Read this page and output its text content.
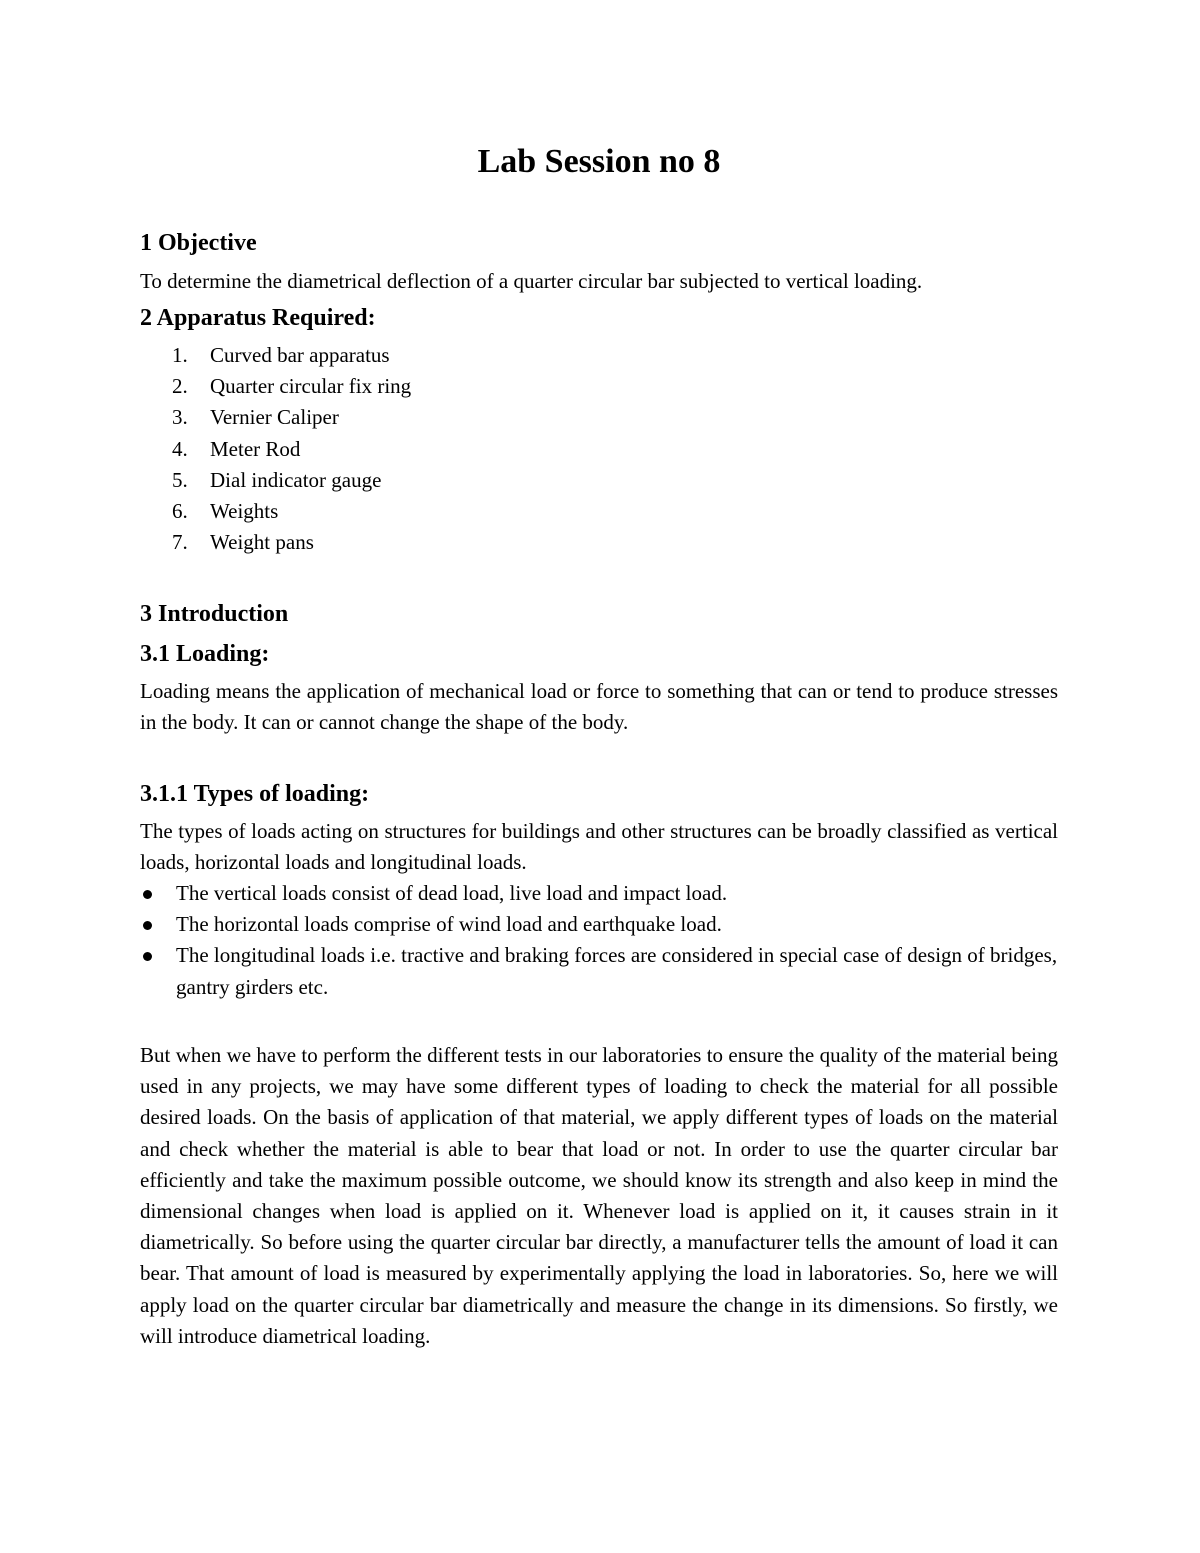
Lab Session no 8
1 Objective

To determine the diametrical deflection of a quarter circular bar subjected to vertical loading.

2 Apparatus Required:
1. Curved bar apparatus
2. Quarter circular fix ring
3. Vernier Caliper
4. Meter Rod
5. Dial indicator gauge
6. Weights
7. Weight pans
3 Introduction
3.1 Loading:

Loading means the application of mechanical load or force to something that can or tend to produce stresses in the body. It can or cannot change the shape of the body.

3.1.1 Types of loading:

The types of loads acting on structures for buildings and other structures can be broadly classified as vertical loads, horizontal loads and longitudinal loads.

The vertical loads consist of dead load, live load and impact load.
The horizontal loads comprise of wind load and earthquake load.
The longitudinal loads i.e. tractive and braking forces are considered in special case of design of bridges, gantry girders etc.

But when we have to perform the different tests in our laboratories to ensure the quality of the material being used in any projects, we may have some different types of loading to check the material for all possible desired loads. On the basis of application of that material, we apply different types of loads on the material and check whether the material is able to bear that load or not. In order to use the quarter circular bar efficiently and take the maximum possible outcome, we should know its strength and also keep in mind the dimensional changes when load is applied on it. Whenever load is applied on it, it causes strain in it diametrically. So before using the quarter circular bar directly, a manufacturer tells the amount of load it can bear. That amount of load is measured by experimentally applying the load in laboratories. So, here we will apply load on the quarter circular bar diametrically and measure the change in its dimensions. So firstly, we will introduce diametrical loading.
